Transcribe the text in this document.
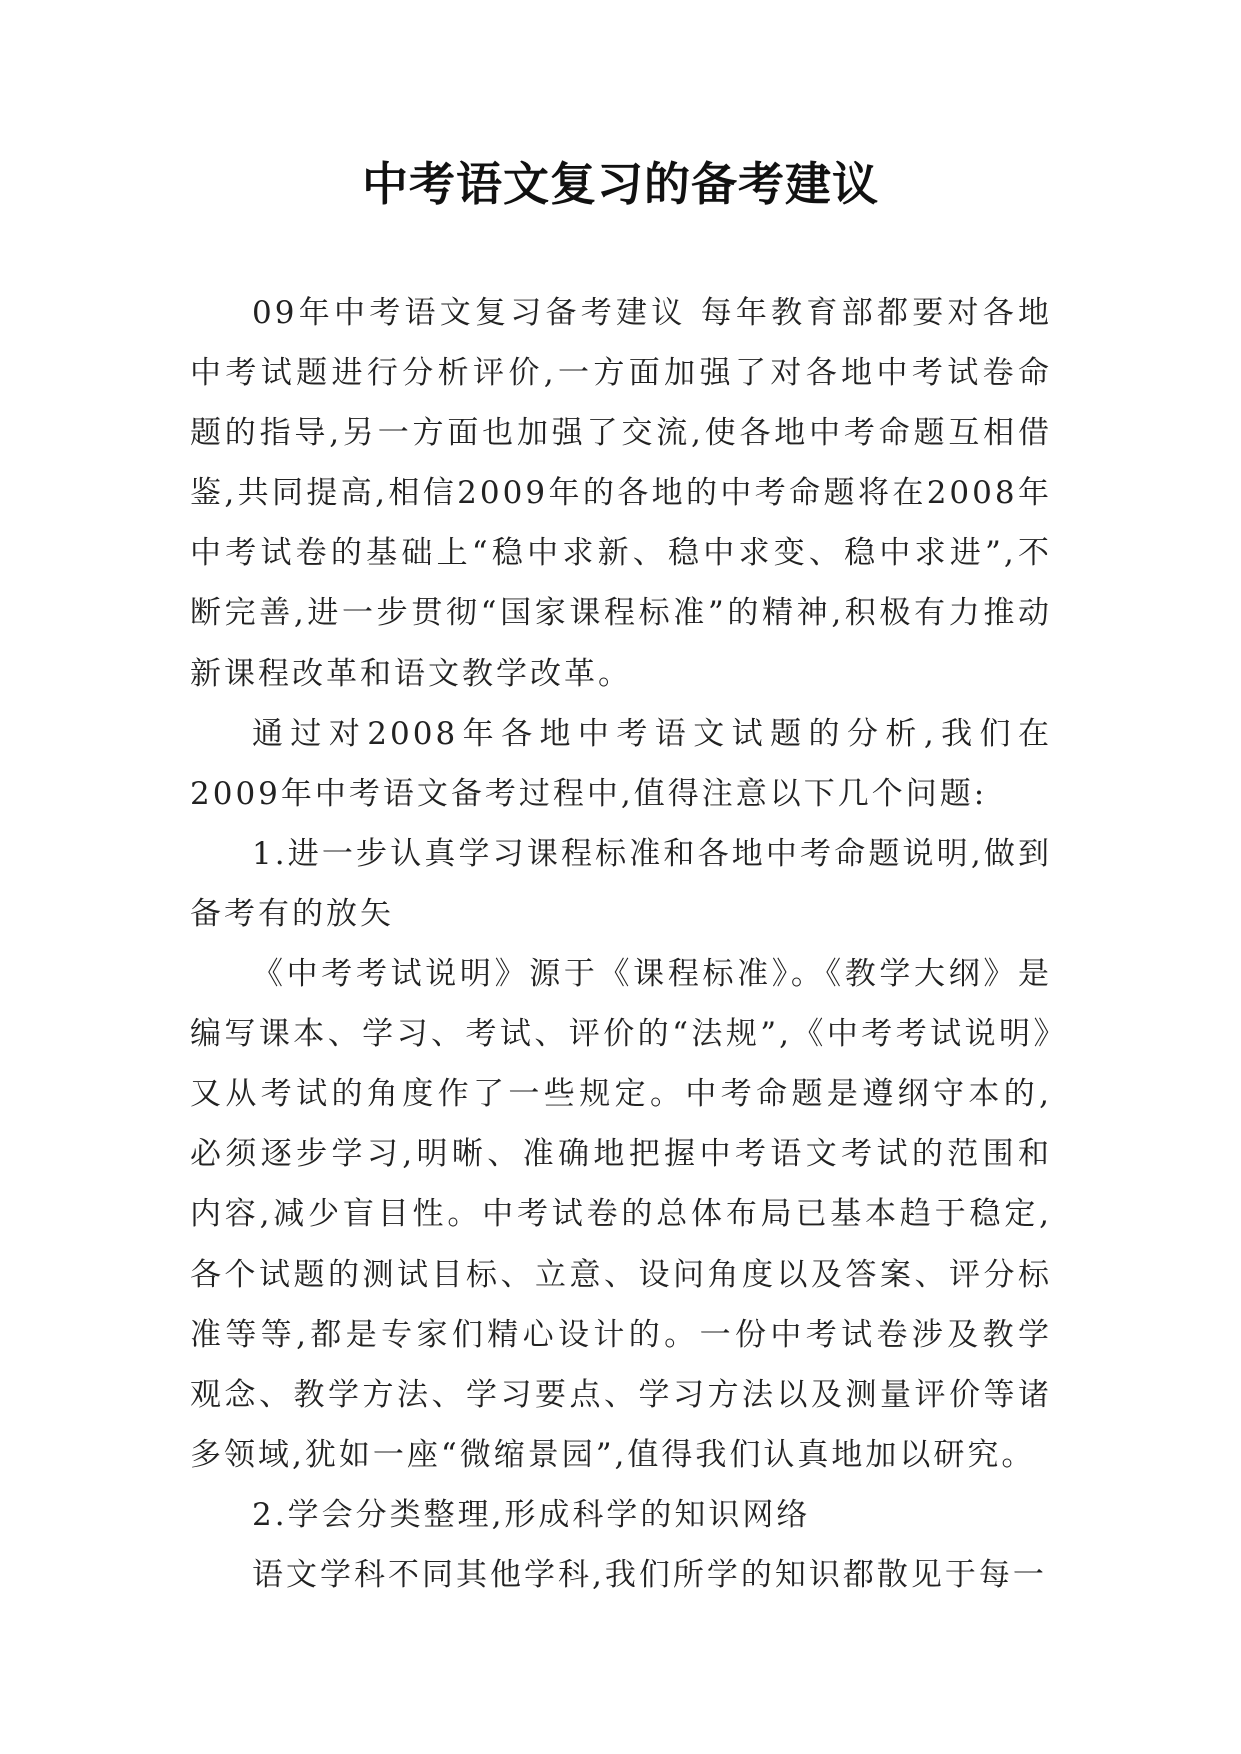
中考语文复习的备考建议

09年中考语文复习备考建议 每年教育部都要对各地中考试题进行分析评价,一方面加强了对各地中考试卷命题的指导,另一方面也加强了交流,使各地中考命题互相借鉴,共同提高,相信2009年的各地的中考命题将在2008年中考试卷的基础上“稳中求新、稳中求变、稳中求进”,不断完善,进一步贯彻“国家课程标准”的精神,积极有力推动新课程改革和语文教学改革。

通过对2008年各地中考语文试题的分析,我们在2009年中考语文备考过程中,值得注意以下几个问题:

1.进一步认真学习课程标准和各地中考命题说明,做到备考有的放矢

《中考考试说明》源于《课程标准》。《教学大纲》是编写课本、学习、考试、评价的“法规”,《中考考试说明》又从考试的角度作了一些规定。中考命题是遵纲守本的,必须逐步学习,明晰、准确地把握中考语文考试的范围和内容,减少盲目性。中考试卷的总体布局已基本趋于稳定,各个试题的测试目标、立意、设问角度以及答案、评分标准等等,都是专家们精心设计的。一份中考试卷涉及教学观念、教学方法、学习要点、学习方法以及测量评价等诸多领域,犹如一座“微缩景园”,值得我们认真地加以研究。

2.学会分类整理,形成科学的知识网络

语文学科不同其他学科,我们所学的知识都散见于每一
